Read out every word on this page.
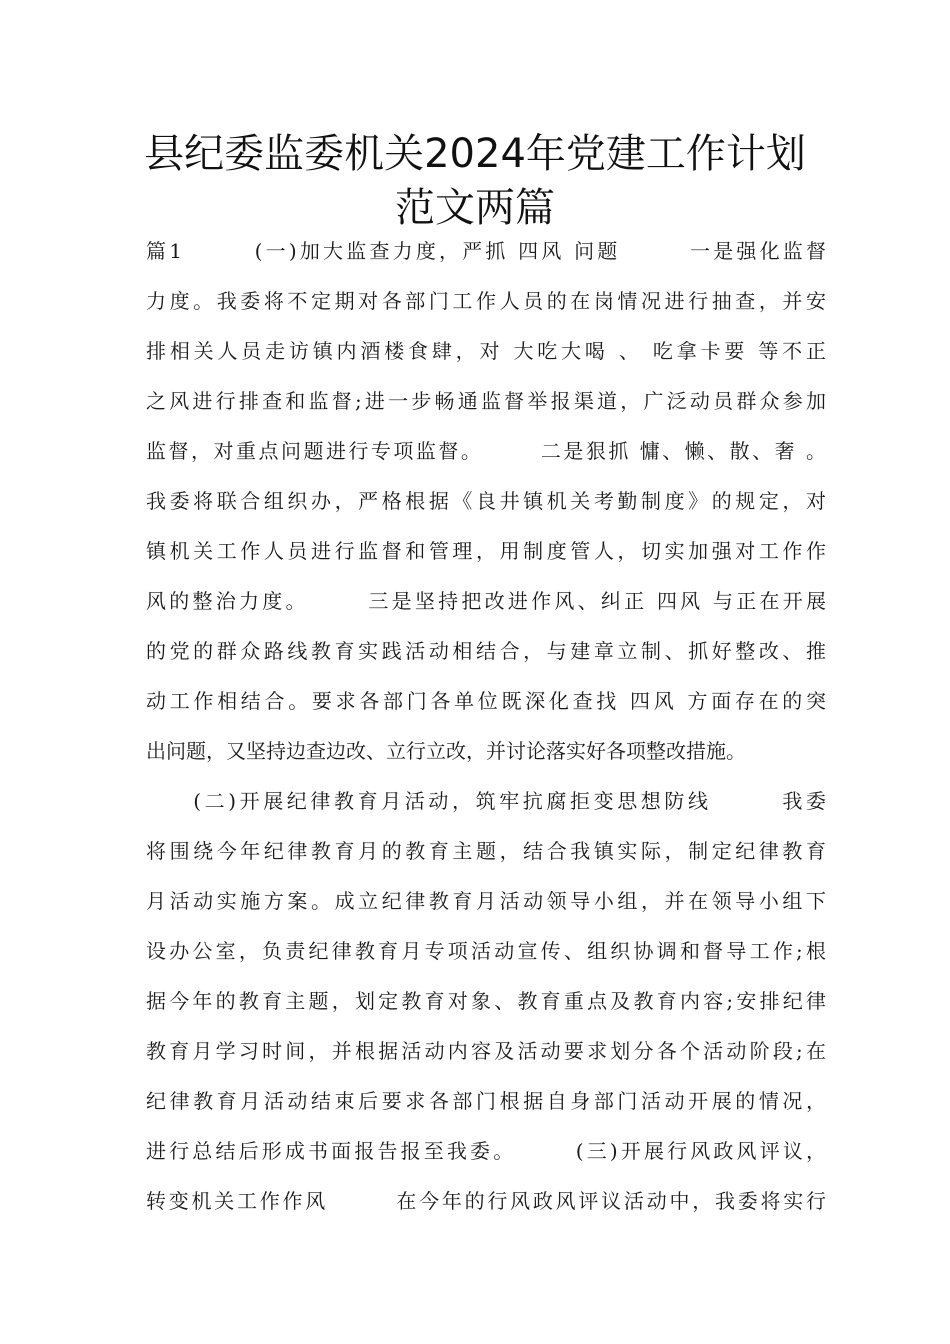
县纪委监委机关2024年党建工作计划
范文两篇
篇1　　　(一)加大监查力度，严抓 四风 问题　　　一是强化监督
力度。我委将不定期对各部门工作人员的在岗情况进行抽查，并安
排相关人员走访镇内酒楼食肆，对 大吃大喝 、 吃拿卡要 等不正
之风进行排查和监督;进一步畅通监督举报渠道，广泛动员群众参加
监督，对重点问题进行专项监督。　　　二是狠抓 慵、懒、散、奢 。
我委将联合组织办，严格根据《良井镇机关考勤制度》的规定，对
镇机关工作人员进行监督和管理，用制度管人，切实加强对工作作
风的整治力度。　　　三是坚持把改进作风、纠正 四风 与正在开展
的党的群众路线教育实践活动相结合，与建章立制、抓好整改、推
动工作相结合。要求各部门各单位既深化查找 四风 方面存在的突
出问题，又坚持边查边改、立行立改，并讨论落实好各项整改措施。
　　(二)开展纪律教育月活动，筑牢抗腐拒变思想防线　　　我委
将围绕今年纪律教育月的教育主题，结合我镇实际，制定纪律教育
月活动实施方案。成立纪律教育月活动领导小组，并在领导小组下
设办公室，负责纪律教育月专项活动宣传、组织协调和督导工作;根
据今年的教育主题，划定教育对象、教育重点及教育内容;安排纪律
教育月学习时间，并根据活动内容及活动要求划分各个活动阶段;在
纪律教育月活动结束后要求各部门根据自身部门活动开展的情况，
进行总结后形成书面报告报至我委。　　　(三)开展行风政风评议，
转变机关工作作风　　　在今年的行风政风评议活动中，我委将实行
